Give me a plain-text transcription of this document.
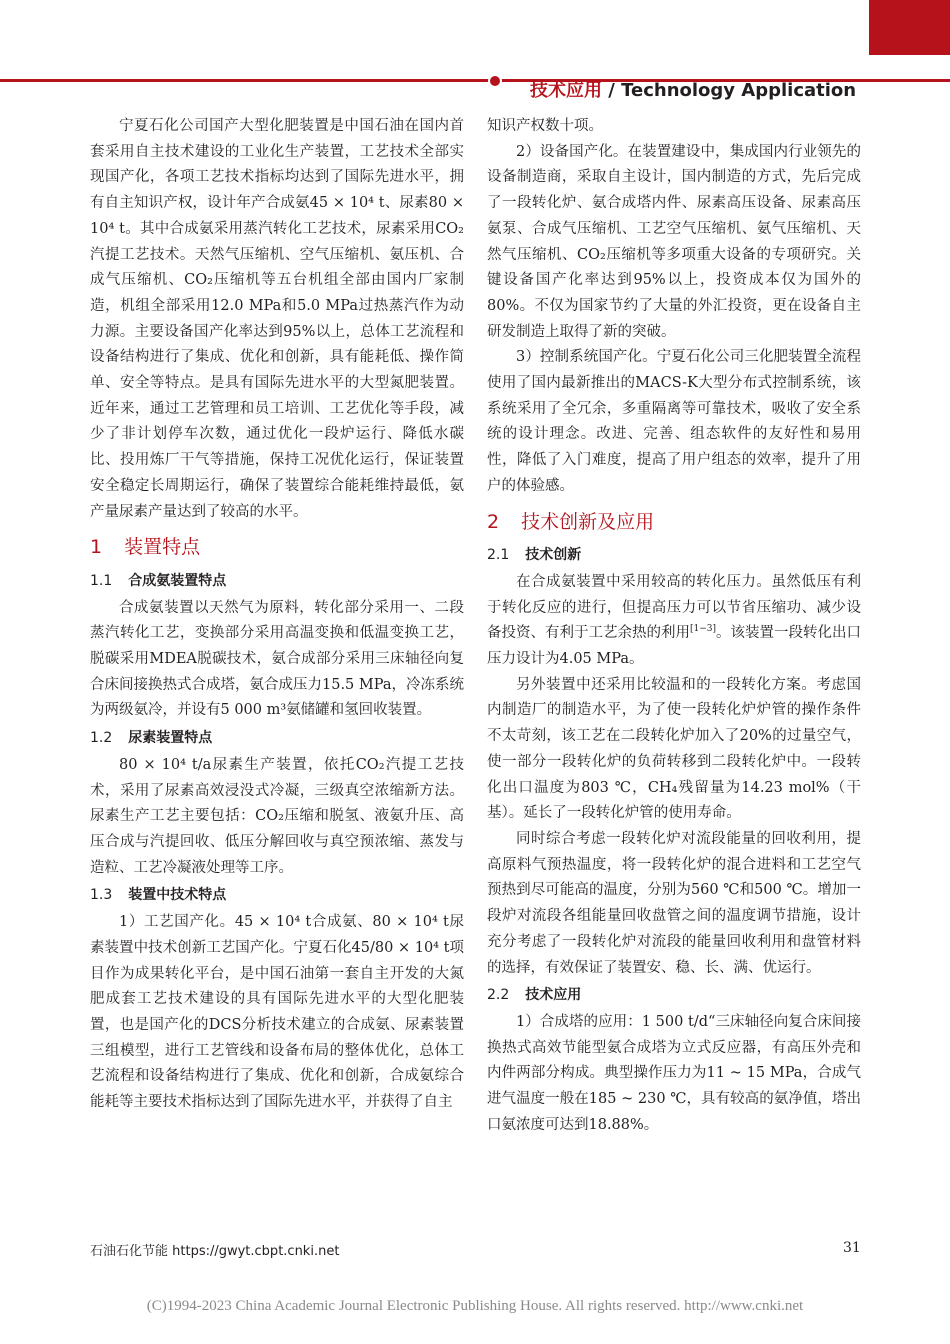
技术应用 / Technology Application

宁夏石化公司国产大型化肥装置是中国石油在国内首套采用自主技术建设的工业化生产装置，工艺技术全部实现国产化，各项工艺技术指标均达到了国际先进水平，拥有自主知识产权，设计年产合成氨45 × 10⁴ t、尿素80 × 10⁴ t。其中合成氨采用蒸汽转化工艺技术，尿素采用CO₂汽提工艺技术。天然气压缩机、空气压缩机、氨压机、合成气压缩机、CO₂压缩机等五台机组全部由国内厂家制造，机组全部采用12.0 MPa和5.0 MPa过热蒸汽作为动力源。主要设备国产化率达到95%以上，总体工艺流程和设备结构进行了集成、优化和创新，具有能耗低、操作简单、安全等特点。是具有国际先进水平的大型氮肥装置。近年来，通过工艺管理和员工培训、工艺优化等手段，减少了非计划停车次数，通过优化一段炉运行、降低水碳比、投用炼厂干气等措施，保持工况优化运行，保证装置安全稳定长周期运行，确保了装置综合能耗维持最低，氨产量尿素产量达到了较高的水平。

1 装置特点
1.1 合成氨装置特点

合成氨装置以天然气为原料，转化部分采用一、二段蒸汽转化工艺，变换部分采用高温变换和低温变换工艺，脱碳采用MDEA脱碳技术，氨合成部分采用三床轴径向复合床间接换热式合成塔，氨合成压力15.5 MPa，冷冻系统为两级氨冷，并设有5 000 m³氨储罐和氢回收装置。

1.2 尿素装置特点

80 × 10⁴ t/a尿素生产装置，依托CO₂汽提工艺技术，采用了尿素高效浸没式冷凝，三级真空浓缩新方法。尿素生产工艺主要包括：CO₂压缩和脱氢、液氨升压、高压合成与汽提回收、低压分解回收与真空预浓缩、蒸发与造粒、工艺冷凝液处理等工序。

1.3 装置中技术特点

1）工艺国产化。45 × 10⁴ t合成氨、80 × 10⁴ t尿素装置中技术创新工艺国产化。宁夏石化45/80 × 10⁴ t项目作为成果转化平台，是中国石油第一套自主开发的大氮肥成套工艺技术建设的具有国际先进水平的大型化肥装置，也是国产化的DCS分析技术建立的合成氨、尿素装置三组模型，进行工艺管线和设备布局的整体优化，总体工艺流程和设备结构进行了集成、优化和创新，合成氨综合能耗等主要技术指标达到了国际先进水平，并获得了自主

知识产权数十项。

2）设备国产化。在装置建设中，集成国内行业领先的设备制造商，采取自主设计，国内制造的方式，先后完成了一段转化炉、氨合成塔内件、尿素高压设备、尿素高压氨泵、合成气压缩机、工艺空气压缩机、氨气压缩机、天然气压缩机、CO₂压缩机等多项重大设备的专项研究。关键设备国产化率达到95%以上，投资成本仅为国外的80%。不仅为国家节约了大量的外汇投资，更在设备自主研发制造上取得了新的突破。

3）控制系统国产化。宁夏石化公司三化肥装置全流程使用了国内最新推出的MACS-K大型分布式控制系统，该系统采用了全冗余，多重隔离等可靠技术，吸收了安全系统的设计理念。改进、完善、组态软件的友好性和易用性，降低了入门难度，提高了用户组态的效率，提升了用户的体验感。

2 技术创新及应用
2.1 技术创新

在合成氨装置中采用较高的转化压力。虽然低压有利于转化反应的进行，但提高压力可以节省压缩功、减少设备投资、有利于工艺余热的利用[1−3]。该装置一段转化出口压力设计为4.05 MPa。

另外装置中还采用比较温和的一段转化方案。考虑国内制造厂的制造水平，为了使一段转化炉炉管的操作条件不太苛刻，该工艺在二段转化炉加入了20%的过量空气，使一部分一段转化炉的负荷转移到二段转化炉中。一段转化出口温度为803 ℃，CH₄残留量为14.23 mol%（干基）。延长了一段转化炉管的使用寿命。

同时综合考虑一段转化炉对流段能量的回收利用，提高原料气预热温度，将一段转化炉的混合进料和工艺空气预热到尽可能高的温度，分别为560 ℃和500 ℃。增加一段炉对流段各组能量回收盘管之间的温度调节措施，设计充分考虑了一段转化炉对流段的能量回收利用和盘管材料的选择，有效保证了装置安、稳、长、满、优运行。

2.2 技术应用

1）合成塔的应用：1 500 t/d“三床轴径向复合床间接换热式高效节能型氨合成塔为立式反应器，有高压外壳和内件两部分构成。典型操作压力为11 ~ 15 MPa，合成气进气温度一般在185 ~ 230 ℃，具有较高的氨净值，塔出口氨浓度可达到18.88%。

石油石化节能 https://gwyt.cbpt.cnki.net	31
(C)1994-2023 China Academic Journal Electronic Publishing House. All rights reserved. http://www.cnki.net
